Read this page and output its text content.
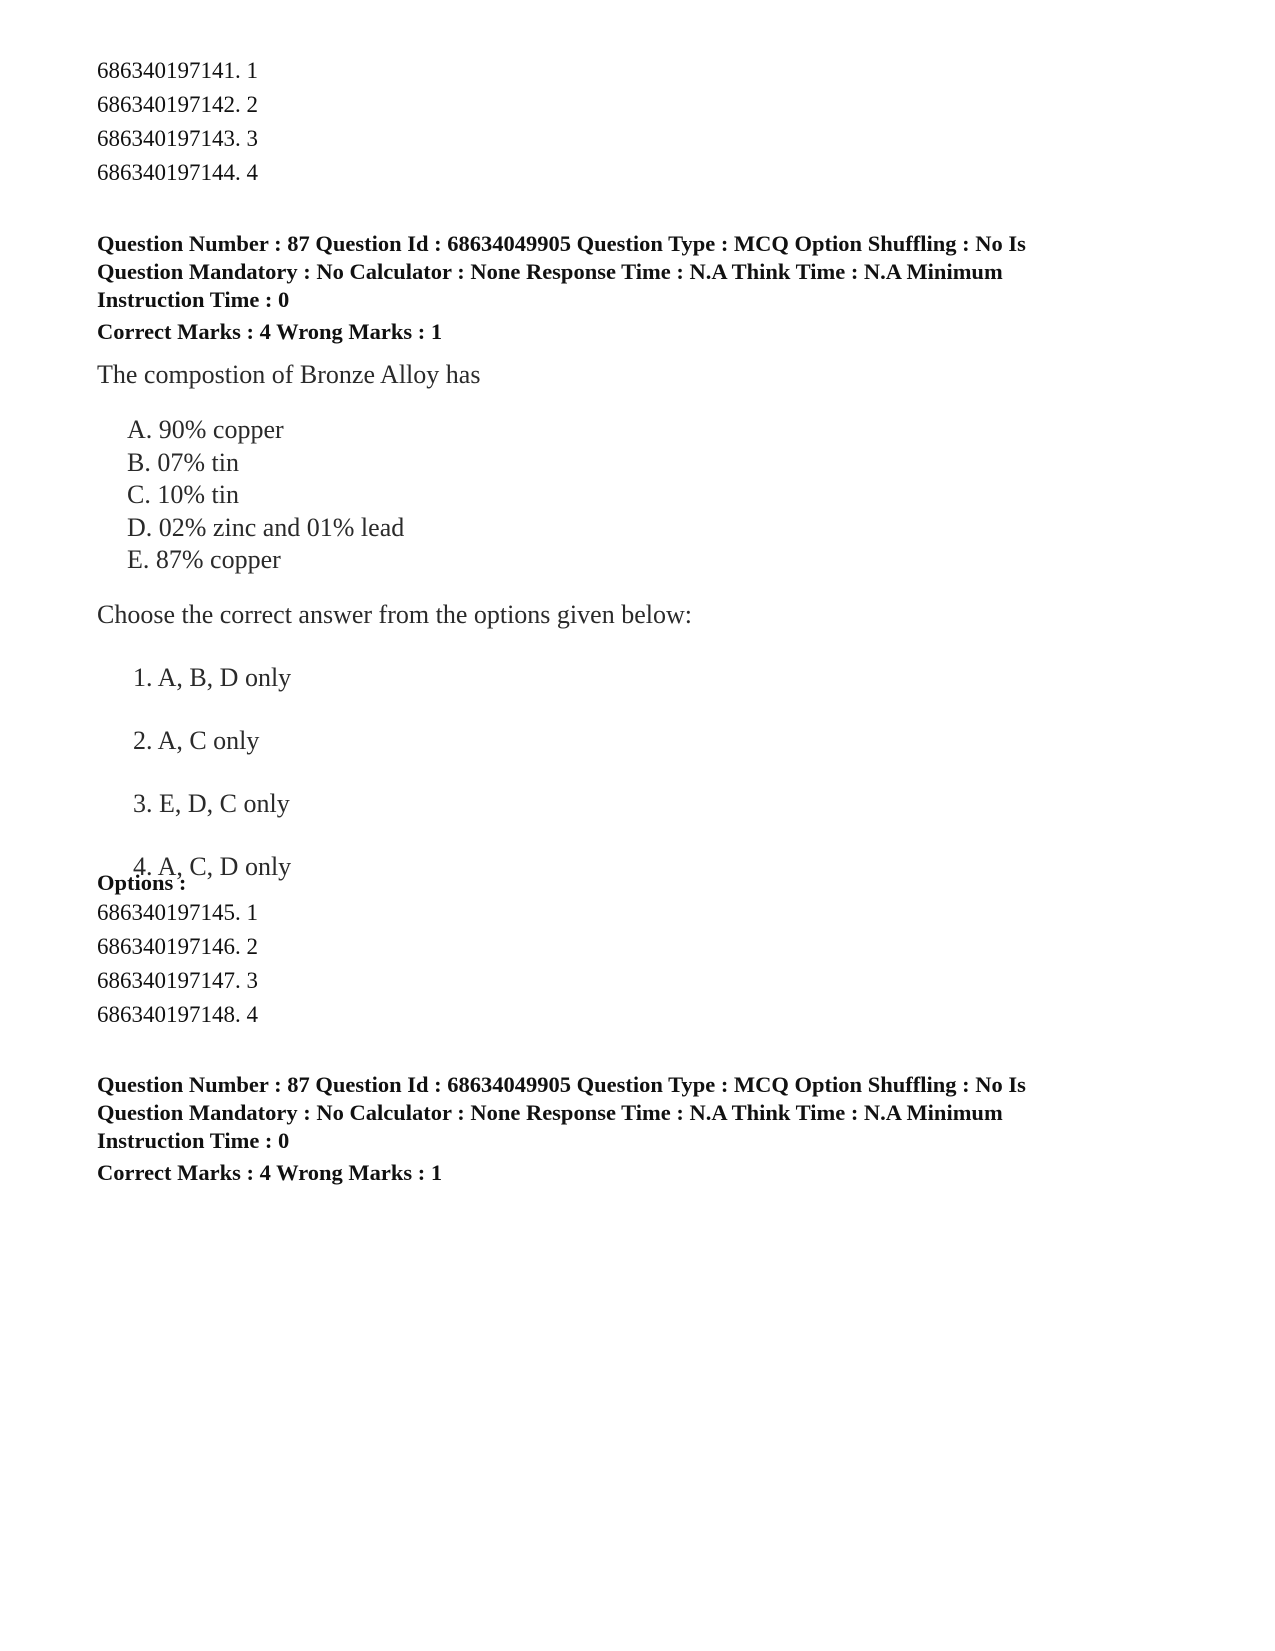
686340197141. 1
686340197142. 2
686340197143. 3
686340197144. 4
Question Number : 87 Question Id : 68634049905 Question Type : MCQ Option Shuffling : No Is
Question Mandatory : No Calculator : None Response Time : N.A Think Time : N.A Minimum
Instruction Time : 0
Correct Marks : 4 Wrong Marks : 1
The compostion of Bronze Alloy has
A. 90% copper
B. 07% tin
C. 10% tin
D. 02% zinc and 01% lead
E. 87% copper
Choose the correct answer from the options given below:
1. A, B, D only
2. A, C only
3. E, D, C only
4. A, C, D only
Options :
686340197145. 1
686340197146. 2
686340197147. 3
686340197148. 4
Question Number : 87 Question Id : 68634049905 Question Type : MCQ Option Shuffling : No Is
Question Mandatory : No Calculator : None Response Time : N.A Think Time : N.A Minimum
Instruction Time : 0
Correct Marks : 4 Wrong Marks : 1
